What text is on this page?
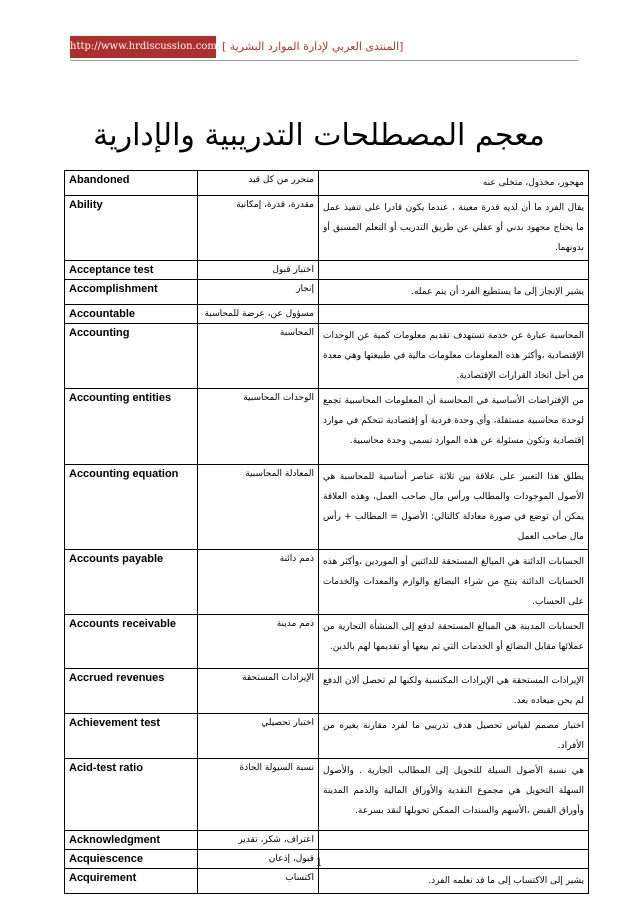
http://www.hrdiscussion.com [المنتدى العربي لإدارة الموارد البشرية ]
معجم المصطلحات التدريبية والإدارية
Abandoned	متحرر من كل قيد	مهجور، مخذول، متخلى عنه
Ability	مقدرة، قدرة، إمكانية	يقال الفرد ما أن لديه قدرة معينة ، عندما يكون قادرا على تنفيذ عمل ما يحتاج مجهود بدني أو عقلي عن طريق التدريب أو التعلم المسبق أو بدونهما.
Acceptance test	اختبار قبول	
Accomplishment	إنجاز	يشير الإنجاز إلى ما يستطيع الفرد أن يتم عمله.
Accountable	مسؤول عن، عرضة للمحاسبة	
Accounting	المحاسبة	المحاسبة عبارة عن خدمة تستهدف تقديم معلومات كمية عن الوحدات الإقتصادية ،وأكثر هذه المعلومات معلومات مالية في طبيعتها وهي معدة من أجل اتخاذ القرارات الإقتصادية.
Accounting entities	الوحدات المحاسبية	من الإفتراضات الأساسية في المحاسبة أن المعلومات المحاسبية تجمع لوحدة محاسبية مستقلة، وأي وحدة فردية أو إقتصادية تتحكم في موارد إقتصادية وتكون مسئولة عن هذه الموارد تسمى وحدة محاسبية.
Accounting equation	المعادلة المحاسبية	يطلق هذا التعبير على علاقة بين ثلاثة عناصر أساسية للمحاسبة هي الأصول الموجودات والمطالب ورأس مال صاحب العمل، وهذه العلاقة يمكن أن توضع في صورة معادلة كالتالي: الأصول = المطالب + رأس مال صاحب العمل
Accounts payable	ذمم دائنة	الحسابات الدائنة هي المبالغ المستحقة للدائنين أو الموردين ،وأكثر هذه الحسابات الدائنة ينتج من شراء البضائع والوازم والمعدات والخدمات على الحساب.
Accounts receivable	ذمم مدينة	الحسابات المدينة هي المبالغ المستحقة لدفع إلى المنشأة التجارية من عملائها مقابل البضائع أو الخدمات التي تم بيعها أو تقديمها لهم بالدين.
Accrued revenues	الإيرادات المستحقة	الإيرادات المستحقة هي الإيرادات المكتسبة ولكنها لم تحصل ألان الدفع لم يحن ميعاده بعد.
Achievement test	اختبار تحصيلي	اختبار مصمم لقياس تحصيل هدف تدريبي ما لفرد مقارنة بغيره من الأفراد.
Acid-test ratio	نسبة السيولة الحادة	هي نسبة الأصول السيلة للتحويل إلى المطالب الجارية . والأصول السهلة التحويل هي مجموع النقدية والأوراق المالية والذمم المدينة وأوراق القبض ،الأسهم والسندات الممكن تحويلها لنقد بسرعة.
Acknowledgment	اعتراف، شكر، تقدير	
Acquiescence	قبول، إذعان	
Acquirement	اكتساب	يشير إلى الاكتساب إلى ما قد تعلمه الفرد.
1
